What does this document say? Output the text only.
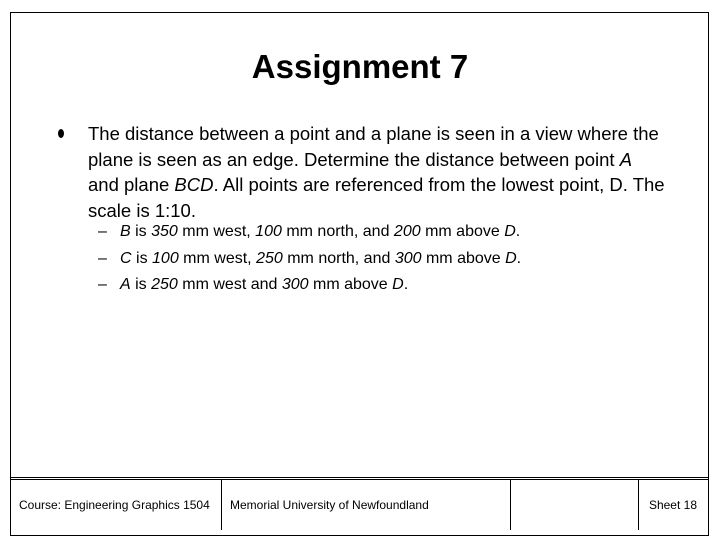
Assignment 7
The distance between a point and a plane is seen in a view where the plane is seen as an edge. Determine the distance between point A and plane BCD. All points are referenced from the lowest point, D. The scale is 1:10.
– B is 350 mm west, 100 mm north, and 200 mm above D.
– C is 100 mm west, 250 mm north, and 300 mm above D.
– A is 250 mm west and 300 mm above D.
Course: Engineering Graphics 1504	Memorial University of Newfoundland	Sheet 18
